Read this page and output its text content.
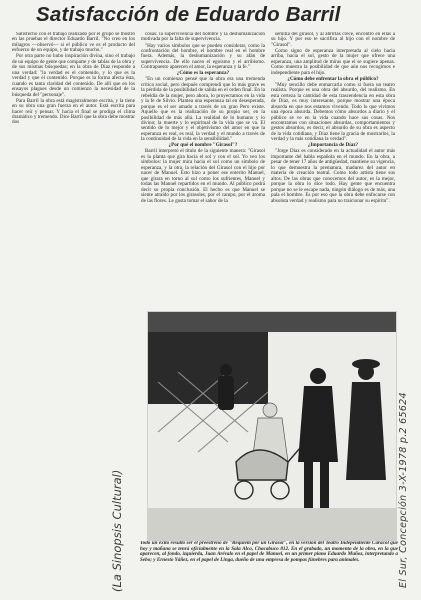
Satisfacción de Eduardo Barril

Satisfecho con el trabajo realizado por el grupo se mostró en las pruebas el director Eduardo Barril. "No creo en los milagros —observó— si el público ve es el producto del esfuerzo de un equipo, y de trabajo mucho."

Por otra parte no hubo inspiración divina, sino el trabajo de un equipo de gente que comparte y de tablas de la obra y de sus mismas búsquedas; en la obra de Díaz responde a una verdad: "la verdad es el contenido, y lo que es la verdad y que el contenido. Porque es la forma afecta ésta, cuando es tanta claridad del contenido. De allí que en los ensayos plagues desde un comienzo la necesidad de la búsqueda del "personaje".

Para Barril la obra está magistralmente escrita, y la tiene en su obra una gran fuerza en el autor. Está escrita para hacer reír y pensar. Y hacia el final se prodiga el clima dramático y tremendo. Dice Barril que la obra debe mostrar dos

cosas: la supervivencia del hombre y la deshumanización motivada por la falta de supervivencia.

"Hay varios símbolos que se pueden considerar, como la confrontación del hombre, el hombre real en el hombre fuera. Además, la deshumanización y su afán de supervivencia. De ello nacen el egoísmo y el arribismo. Contrapuesto aparecen el amor, la esperanza y la fe."

¿Cómo es la esperanza?

"En un comienzo pensé que la obra era una tremenda crítica social, pero después comprendí que lo más grave es la pérdida de la posibilidad de salida en el orden final. En la rebeldía de la mujer, pero ahora, lo proyectamos en la vida y la fe de Silvio. Plantea una esperanza tal en desesperada, porque es el ser amado a través de un gran Pero existe. Aquello que es la realización de su propio ser, en la posibilidad de más allá. La realidad de lo humano y lo divino; la muerte y lo espiritual de la vida que se va. El sentido de lo mejor y el objetivismo del amor en que la esperanza es real, es real, la verdad y el mundo a través de la continuidad de la vida en la sensibilidad."

¿Por qué el nombre "Girasol"?

Barril interpretó el título de la siguiente manera: "Girasol es la planta que gira hacia el sol y con el sol. Yo veo los símbolos: la mujer mira hacia el sol como un símbolo de esperanza, y la otra, la relación del Girasol con el hijo por nacer de Manuel. Esto hizo a poner ese enterito Manuel, que girara en torno al sol como los sufrientes, Manuel y todas las Manuel repartidos en el mundo. Al público podrá decir su propia conclusión. El hecho es que Manuel se siente atraído por los girasoles, por el campo, por el aroma de las flores. Le gusta tomar el sabor de la

semilla del girasol, y al abrirlas crece, encontró en ellas a su hijo. Y por eso te sacrifica al hijo con el nombre de "Girasol".

Como signo de esperanza interpretada al cielo hacia arriba, hacia el sol, gesto de la mujer que ofrece una esperanza, una amplitud de miras que el se sugiere apenas. Como muestra la posibilidad de que aún nos recogimos e independiente para el hijo.

¿Cómo debe enfrentar la obra el público?

"Muy sencillo debe enmarcarla como si fuera un teatro realista. Porque es una obra del absurdo, del realismo. En esta certeza la cantidad de esta trascendencia en esta obra de Díaz, es muy interesante, porque mostrar una época absurda en que nos estamos vivendo. Todo lo que vivimos una época absurda. Debemos cómo absurdos a diario y el público se ve en la vida cuando hace sus cosas. Nos encontramos con situaciones absurdas, comportamientos y gestos absurdos, es decir, el absurdo de su obra es aspecto de la vida cotidiana, y Díaz tiene la gracia de mostrarlos, la verdad y la más cotidiana la verdad".

¿Importancia de Díaz?

"Jorge Díaz es considerado en la actualidad el autor más importante del habla española en el mundo. En la obra, a pesar de tener 17 años de antigüedad, mantiene su vigencia, lo que demuestra la prematura, madurez del autor en materia de creación teatral. Como todo artista tiene sus altos. De las obras que conocemos del autor, es la mejor, porque la obra lo dice todo. Hay gente que encuentra porque no se le escape nada, ningún diálogo es de más, una pala el hombre. Es por eso que la obra debe enfocarse con absoluta verdad y realismo para no traicionar su espíritu".

El Sur, Concepción 3-X-1978 p.2 65624
(La Sinopsis Cultural)	Todo un éxito resultó ser el preestreno de "Réquiem por un Girasol", en la versión del Teatro Independiente Caracol que hoy y mañana se tenrá oficialmente en la Sala Alco, Chacabuco 812. En el grabado, un momento de la obra, en la que aparecen, al fondo, izquierda, Juan Arévalo en el papel de Manuel, en un primer plano Eduardo Muñoz, interpretando a Sebo; y Ernesto Yáñez, en el papel de Linga, dueño de una empresa de pompas fúnebres para animales.
